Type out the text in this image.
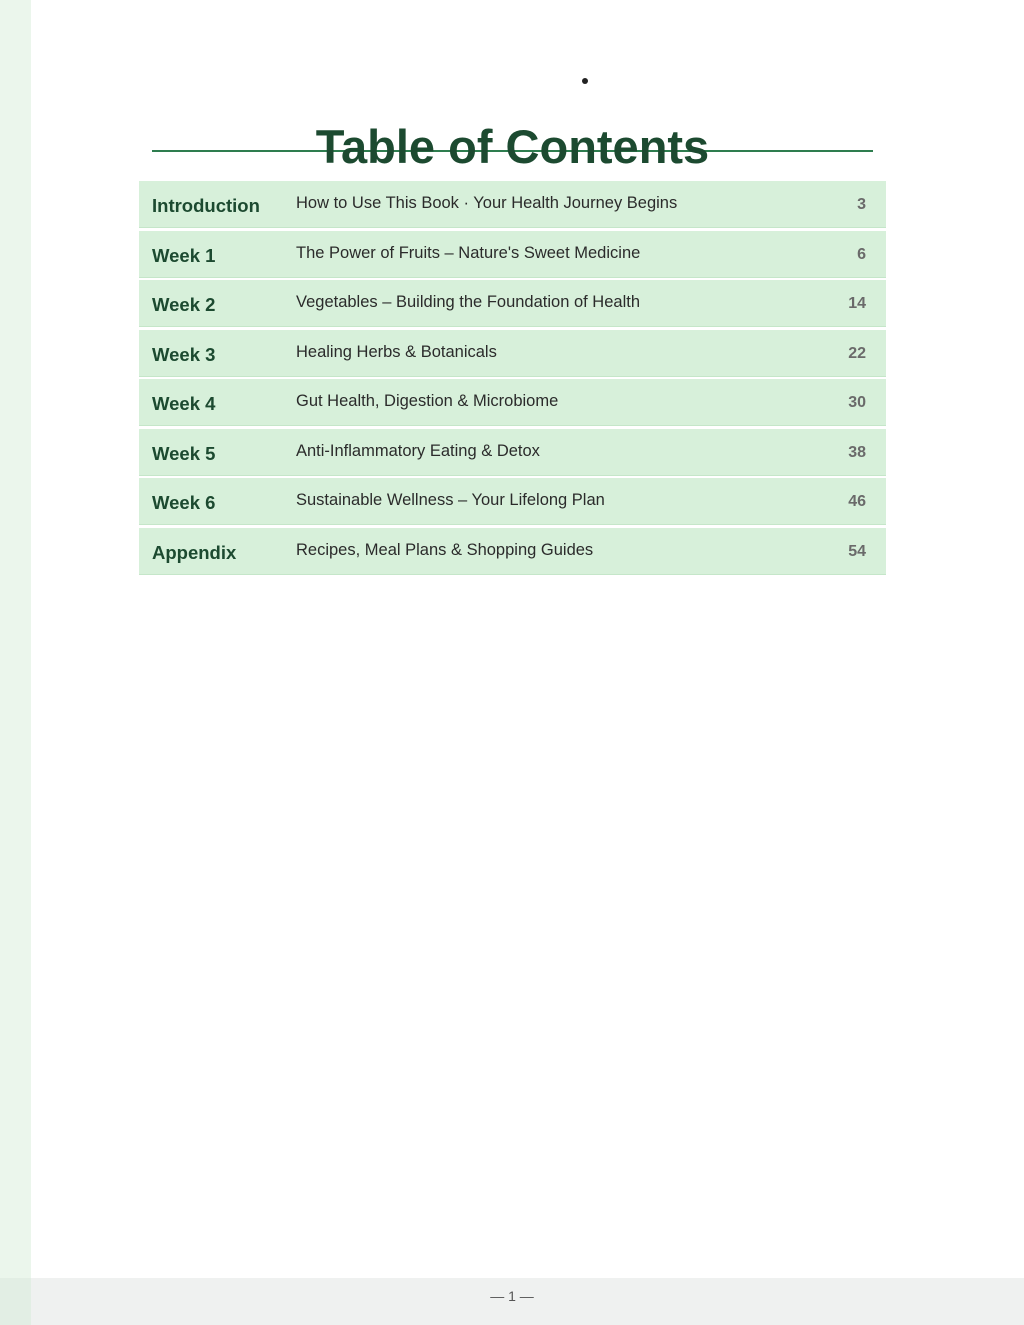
Table of Contents
Introduction How to Use This Book · Your Health Journey Begins	3
Week 1	The Power of Fruits – Nature's Sweet Medicine	6
Week 2	Vegetables – Building the Foundation of Health	14
Week 3	Healing Herbs & Botanicals	22
Week 4	Gut Health, Digestion & Microbiome	30
Week 5	Anti-Inflammatory Eating & Detox	38
Week 6	Sustainable Wellness – Your Lifelong Plan	46
Appendix	Recipes, Meal Plans & Shopping Guides	54
— 1 —
